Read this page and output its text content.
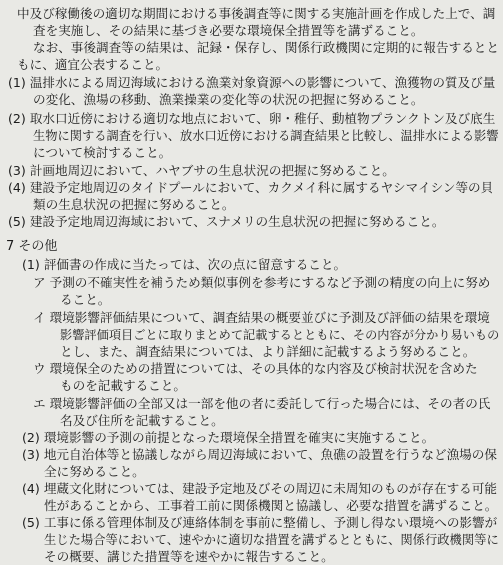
中及び稼働後の適切な期間における事後調査等に関する実施計画を作成した上で、調

査を実施し、その結果に基づき必要な環境保全措置等を講ずること。

なお、事後調査等の結果は、記録・保存し、関係行政機関に定期的に報告するとと

もに、適宜公表すること。

(1) 温排水による周辺海域における漁業対象資源への影響について、漁獲物の質及び量

の変化、漁場の移動、漁業操業の変化等の状況の把握に努めること。

(2) 取水口近傍における適切な地点において、卵・稚仔、動植物プランクトン及び底生

生物に関する調査を行い、放水口近傍における調査結果と比較し、温排水による影響

について検討すること。

(3) 計画地周辺において、ハヤブサの生息状況の把握に努めること。

(4) 建設予定地周辺のタイドプールにおいて、カクメイ科に属するヤシマイシン等の貝

類の生息状況の把握に努めること。

(5) 建設予定地周辺海域において、スナメリの生息状況の把握に努めること。

7 その他

(1) 評価書の作成に当たっては、次の点に留意すること。

ア 予測の不確実性を補うため類似事例を参考にするなど予測の精度の向上に努め

ること。

イ 環境影響評価結果について、調査結果の概要並びに予測及び評価の結果を環境

影響評価項目ごとに取りまとめて記載するとともに、その内容が分かり易いもの

とし、また、調査結果については、より詳細に記載するよう努めること。

ウ 環境保全のための措置については、その具体的な内容及び検討状況を含めた

ものを記載すること。

エ 環境影響評価の全部又は一部を他の者に委託して行った場合には、その者の氏

名及び住所を記載すること。

(2) 環境影響の予測の前提となった環境保全措置を確実に実施すること。

(3) 地元自治体等と協議しながら周辺海域において、魚礁の設置を行うなど漁場の保

全に努めること。

(4) 埋蔵文化財については、建設予定地及びその周辺に未周知のものが存在する可能

性があることから、工事着工前に関係機関と協議し、必要な措置を講ずること。

(5) 工事に係る管理体制及び連絡体制を事前に整備し、予測し得ない環境への影響が

生じた場合等において、速やかに適切な措置を講ずるとともに、関係行政機関等に

その概要、講じた措置等を速やかに報告すること。
